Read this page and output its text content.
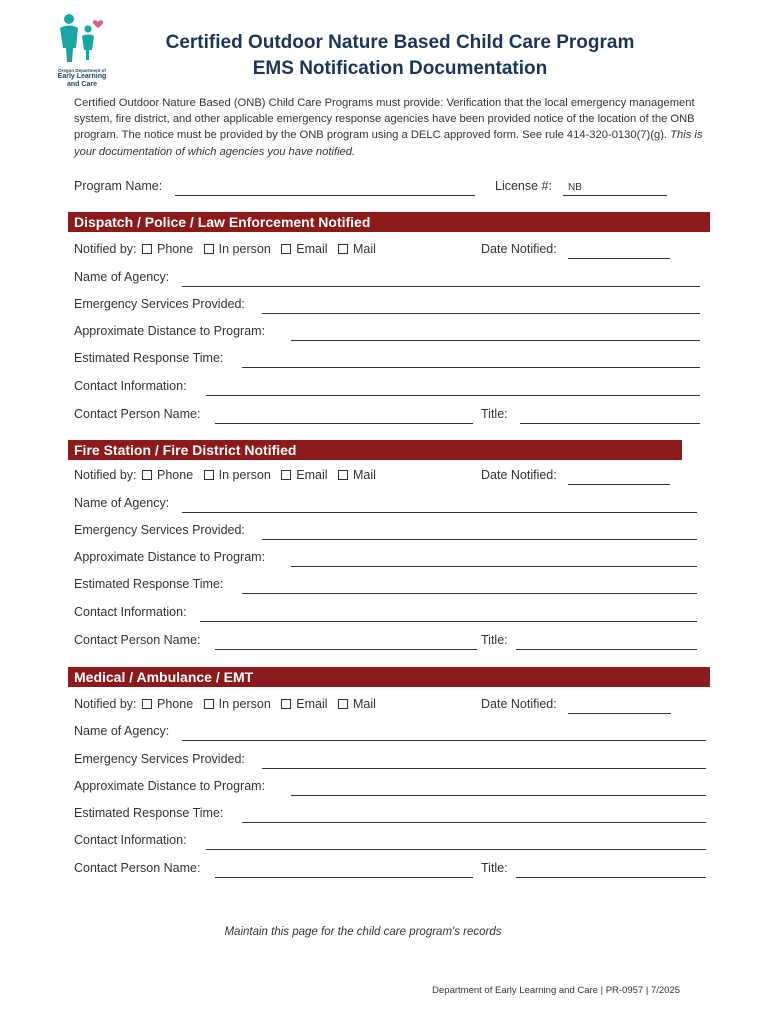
Oregon Department of
Early Learning
and Care
Certified Outdoor Nature Based Child Care Program
EMS Notification Documentation
Certified Outdoor Nature Based (ONB) Child Care Programs must provide: Verification that the local emergency management system, fire district, and other applicable emergency response agencies have been provided notice of the location of the ONB program. The notice must be provided by the ONB program using a DELC approved form. See rule 414-320-0130(7)(g). This is your documentation of which agencies you have notified.
Program Name:	License #: NB
Dispatch / Police / Law Enforcement Notified
Notified by: Phone In person Email Mail	Date Notified:
Name of Agency:
Emergency Services Provided:
Approximate Distance to Program:
Estimated Response Time:
Contact Information:
Contact Person Name:	Title:
Fire Station / Fire District Notified
Notified by: Phone In person Email Mail	Date Notified:
Name of Agency:
Emergency Services Provided:
Approximate Distance to Program:
Estimated Response Time:
Contact Information:
Contact Person Name:	Title:
Medical / Ambulance / EMT
Notified by: Phone In person Email Mail	Date Notified:
Name of Agency:
Emergency Services Provided:
Approximate Distance to Program:
Estimated Response Time:
Contact Information:
Contact Person Name:	Title:
Maintain this page for the child care program's records
Department of Early Learning and Care | PR-0957 | 7/2025
